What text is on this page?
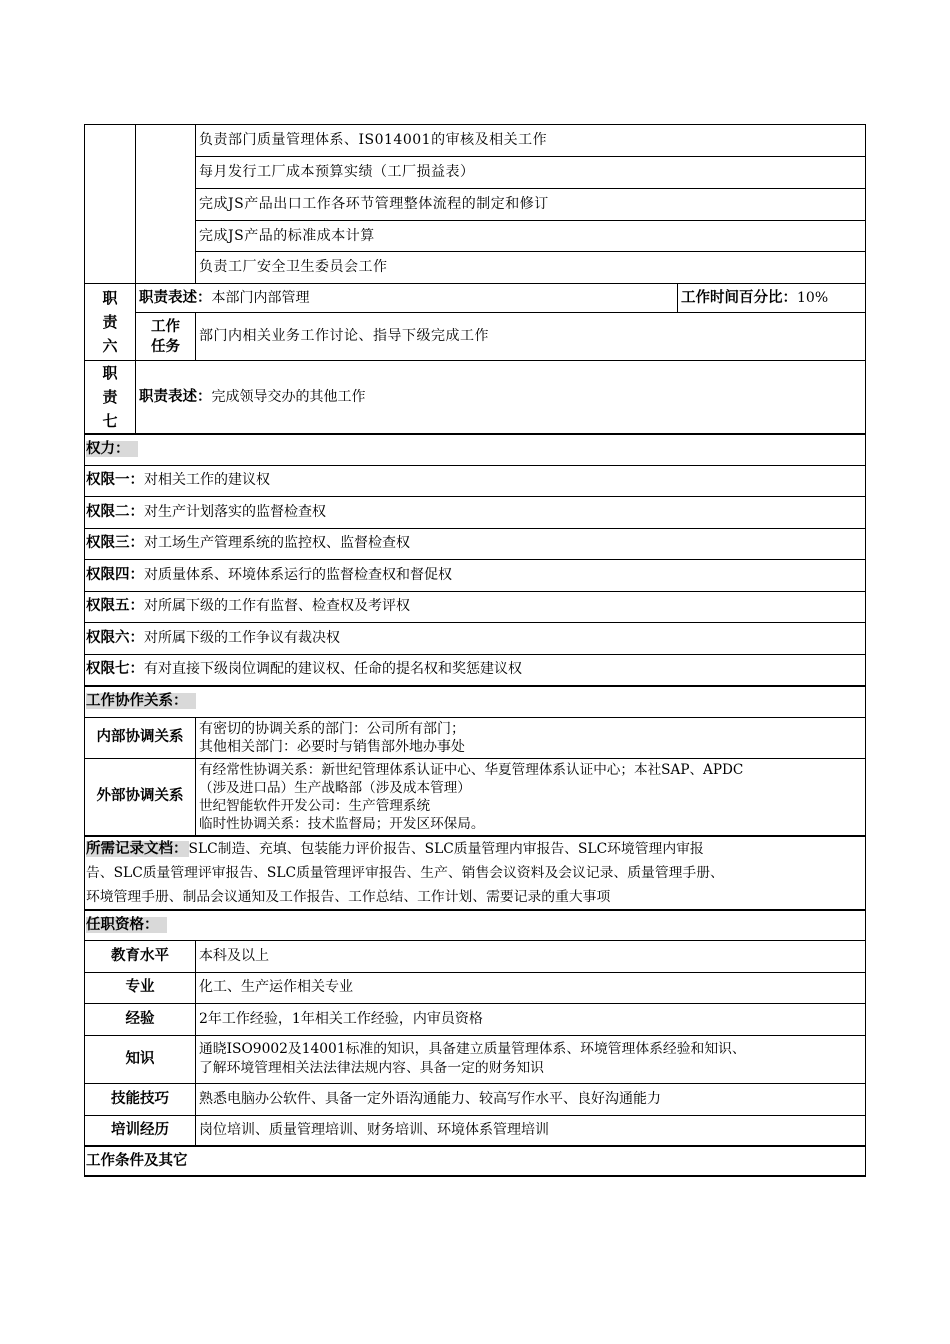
		负责部门质量管理体系、IS014001的审核及相关工作	
		每月发行工厂成本预算实绩（工厂损益表）	
		完成JS产品出口工作各环节管理整体流程的制定和修订	
		完成JS产品的标准成本计算	
		负责工厂安全卫生委员会工作	
职
责
六	职责表述：本部门内部管理		工作时间百分比：10%
	工作
任务	部门内相关业务工作讨论、指导下级完成工作	
职
责
七	职责表述：完成领导交办的其他工作		
权力：			
权限一：对相关工作的建议权			
权限二：对生产计划落实的监督检查权			
权限三：对工场生产管理系统的监控权、监督检查权			
权限四：对质量体系、环境体系运行的监督检查权和督促权			
权限五：对所属下级的工作有监督、检查权及考评权			
权限六：对所属下级的工作争议有裁决权			
权限七：有对直接下级岗位调配的建议权、任命的提名权和奖惩建议权			
工作协作关系：			
内部协调关系		有密切的协调关系的部门：公司所有部门；
其他相关部门：必要时与销售部外地办事处	
外部协调关系		有经常性协调关系：新世纪管理体系认证中心、华夏管理体系认证中心；本社SAP、APDC
（涉及进口品）生产战略部（涉及成本管理）
世纪智能软件开发公司：生产管理系统
临时性协调关系：技术监督局；开发区环保局。	
所需记录文档：SLC制造、充填、包装能力评价报告、SLC质量管理内审报告、SLC环境管理内审报
告、SLC质量管理评审报告、SLC质量管理评审报告、生产、销售会议资料及会议记录、质量管理手册、
环境管理手册、制品会议通知及工作报告、工作总结、工作计划、需要记录的重大事项			
任职资格：			
教育水平		本科及以上	
专业		化工、生产运作相关专业	
经验		2年工作经验，1年相关工作经验，内审员资格	
知识		通晓ISO9002及14001标准的知识，具备建立质量管理体系、环境管理体系经验和知识、
了解环境管理相关法法律法规内容、具备一定的财务知识	
技能技巧		熟悉电脑办公软件、具备一定外语沟通能力、较高写作水平、良好沟通能力	
培训经历		岗位培训、质量管理培训、财务培训、环境体系管理培训	
工作条件及其它			
